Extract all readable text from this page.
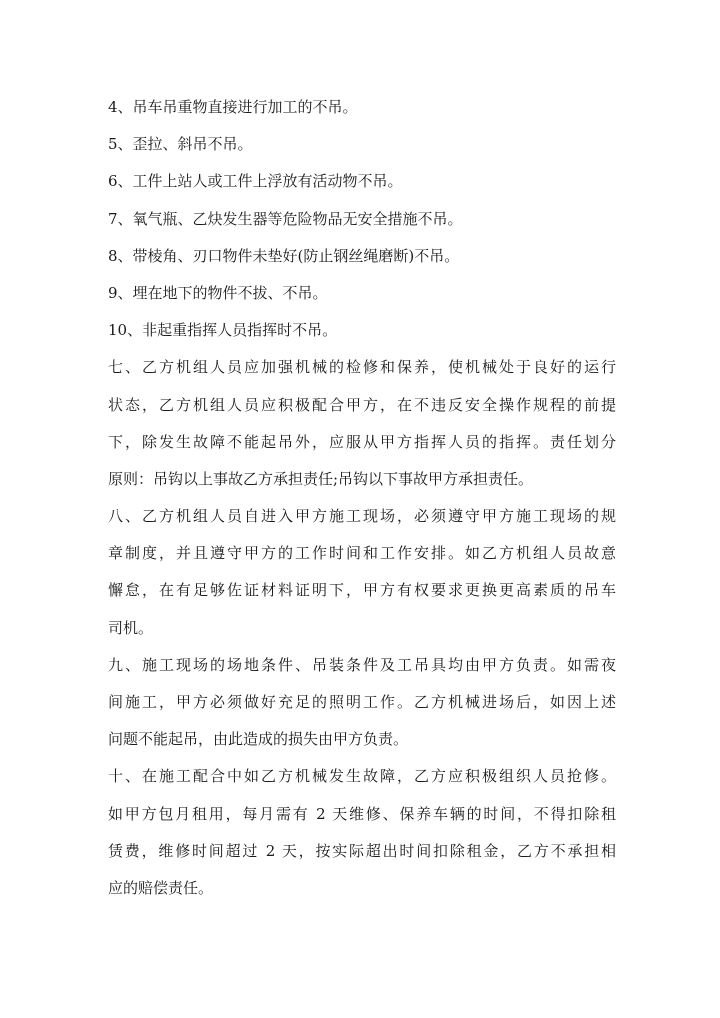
4、吊车吊重物直接进行加工的不吊。
5、歪拉、斜吊不吊。
6、工件上站人或工件上浮放有活动物不吊。
7、氧气瓶、乙炔发生器等危险物品无安全措施不吊。
8、带棱角、刃口物件未垫好(防止钢丝绳磨断)不吊。
9、埋在地下的物件不拔、不吊。
10、非起重指挥人员指挥时不吊。
七、乙方机组人员应加强机械的检修和保养，使机械处于良好的运行
状态，乙方机组人员应积极配合甲方，在不违反安全操作规程的前提
下，除发生故障不能起吊外，应服从甲方指挥人员的指挥。责任划分
原则：吊钩以上事故乙方承担责任;吊钩以下事故甲方承担责任。
八、乙方机组人员自进入甲方施工现场，必须遵守甲方施工现场的规
章制度，并且遵守甲方的工作时间和工作安排。如乙方机组人员故意
懈怠，在有足够佐证材料证明下，甲方有权要求更换更高素质的吊车
司机。
九、施工现场的场地条件、吊装条件及工吊具均由甲方负责。如需夜
间施工，甲方必须做好充足的照明工作。乙方机械进场后，如因上述
问题不能起吊，由此造成的损失由甲方负责。
十、在施工配合中如乙方机械发生故障，乙方应积极组织人员抢修。
如甲方包月租用，每月需有 2 天维修、保养车辆的时间，不得扣除租
赁费，维修时间超过 2 天，按实际超出时间扣除租金，乙方不承担相
应的赔偿责任。
